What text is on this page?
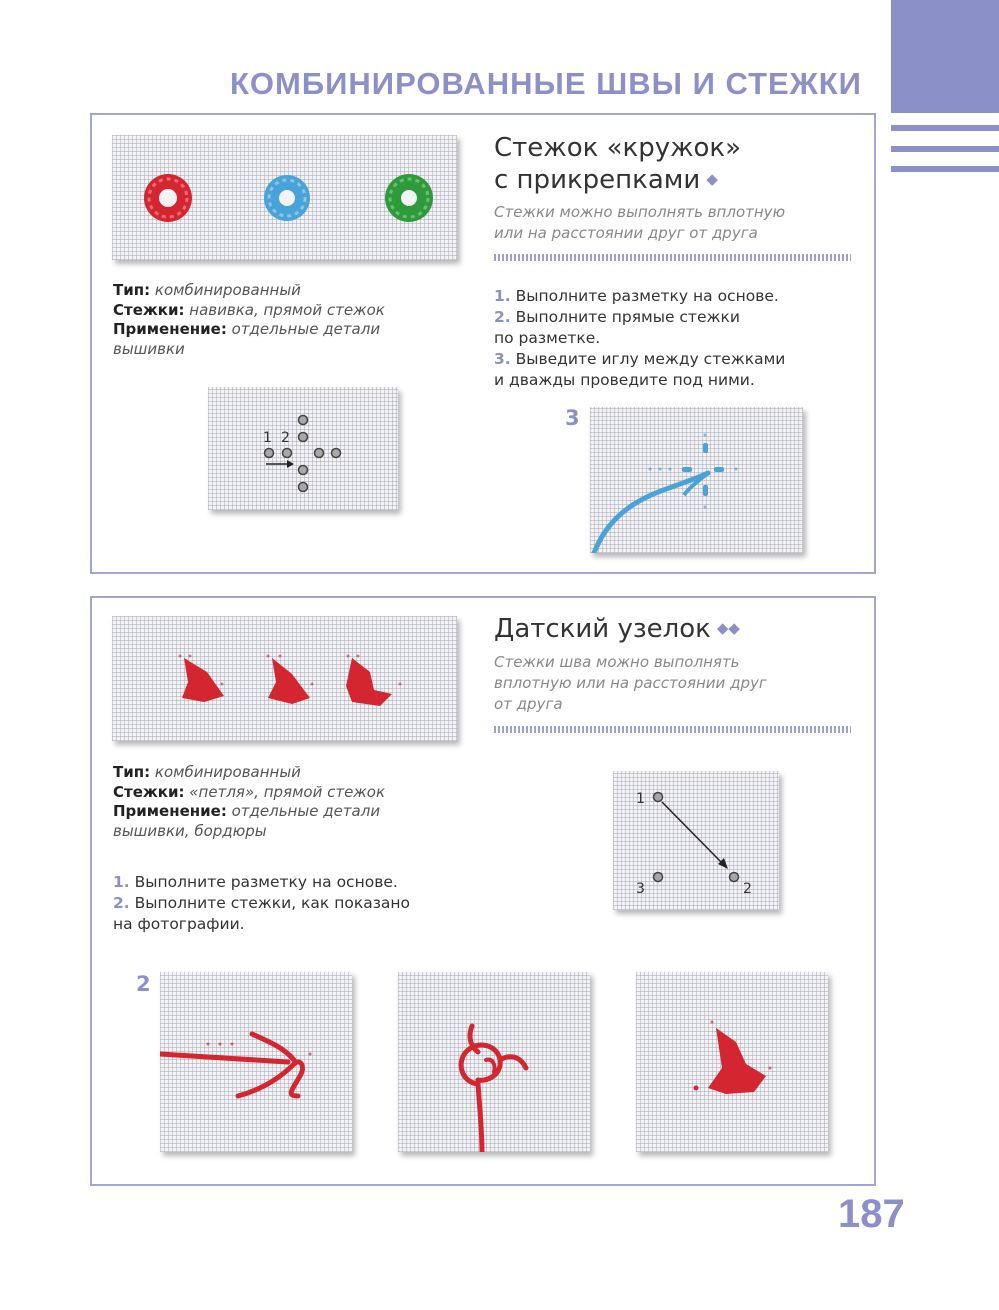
КОМБИНИРОВАННЫЕ ШВЫ И СТЕЖКИ
Стежок «кружок»
с прикрепками ◆
Стежки можно выполнять вплотную
или на расстоянии друг от друга
Тип: комбинированный
Стежки: навивка, прямой стежок
Применение: отдельные детали
вышивки
1. Выполните разметку на основе.
2. Выполните прямые стежки
по разметке.
3. Выведите иглу между стежками
и дважды проведите под ними.
1 2
3
Датский узелок ◆◆
Стежки шва можно выполнять
вплотную или на расстоянии друг
от друга
Тип: комбинированный
Стежки: «петля», прямой стежок
Применение: отдельные детали
вышивки, бордюры
1. Выполните разметку на основе.
2. Выполните стежки, как показано
на фотографии.
1
2
3
2
187
